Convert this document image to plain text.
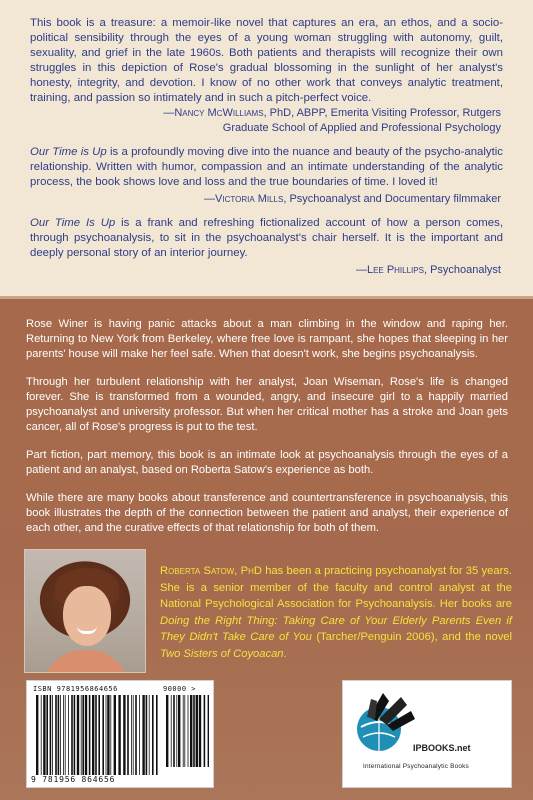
This book is a treasure: a memoir-like novel that captures an era, an ethos, and a socio-political sensibility through the eyes of a young woman struggling with autonomy, guilt, sexuality, and grief in the late 1960s. Both patients and therapists will recognize their own struggles in this depiction of Rose's gradual blossoming in the sunlight of her analyst's honesty, integrity, and devotion. I know of no other work that conveys analytic treatment, training, and passion so intimately and in such a pitch-perfect voice.

—Nancy McWilliams, PhD, ABPP, Emerita Visiting Professor, Rutgers

Graduate School of Applied and Professional Psychology

Our Time is Up is a profoundly moving dive into the nuance and beauty of the psycho-analytic relationship. Written with humor, compassion and an intimate understanding of the analytic process, the book shows love and loss and the true boundaries of time. I loved it!

—Victoria Mills, Psychoanalyst and Documentary filmmaker

Our Time Is Up is a frank and refreshing fictionalized account of how a person comes, through psychoanalysis, to sit in the psychoanalyst's chair herself. It is the important and deeply personal story of an interior journey.

—Lee Phillips, Psychoanalyst

Rose Winer is having panic attacks about a man climbing in the window and raping her. Returning to New York from Berkeley, where free love is rampant, she hopes that sleeping in her parents' house will make her feel safe. When that doesn't work, she begins psychoanalysis.

Through her turbulent relationship with her analyst, Joan Wiseman, Rose's life is changed forever. She is transformed from a wounded, angry, and insecure girl to a happily married psychoanalyst and university professor. But when her critical mother has a stroke and Joan gets cancer, all of Rose's progress is put to the test.

Part fiction, part memory, this book is an intimate look at psychoanalysis through the eyes of a patient and an analyst, based on Roberta Satow's experience as both.

While there are many books about transference and countertransference in psychoanalysis, this book illustrates the depth of the connection between the patient and analyst, their experience of each other, and the curative effects of that relationship for both of them.

Roberta Satow, PhD has been a practicing psychoanalyst for 35 years. She is a senior member of the faculty and control analyst at the National Psychological Association for Psychoanalysis. Her books are Doing the Right Thing: Taking Care of Your Elderly Parents Even if They Didn't Take Care of You (Tarcher/Penguin 2006), and the novel Two Sisters of Coyoacan.

ISBN 9781956864656	90000 >
9 781956 864656
IPBOOKS.net
International Psychoanalytic Books
